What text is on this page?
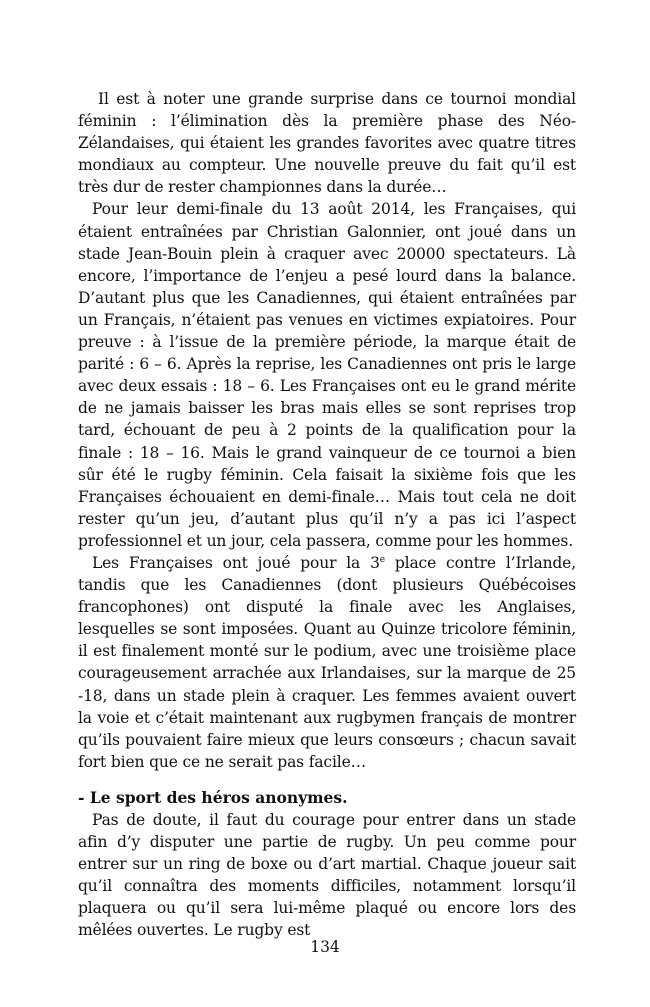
Il est à noter une grande surprise dans ce tournoi mondial féminin : l’élimination dès la première phase des Néo-Zélandaises, qui étaient les grandes favorites avec quatre titres mondiaux au compteur. Une nouvelle preuve du fait qu’il est très dur de rester championnes dans la durée…

Pour leur demi-finale du 13 août 2014, les Françaises, qui étaient entraînées par Christian Galonnier, ont joué dans un stade Jean-Bouin plein à craquer avec 20000 spectateurs. Là encore, l’importance de l’enjeu a pesé lourd dans la balance. D’autant plus que les Canadiennes, qui étaient entraînées par un Français, n’étaient pas venues en victimes expiatoires. Pour preuve : à l’issue de la première période, la marque était de parité : 6 – 6. Après la reprise, les Canadiennes ont pris le large avec deux essais : 18 – 6. Les Françaises ont eu le grand mérite de ne jamais baisser les bras mais elles se sont reprises trop tard, échouant de peu à 2 points de la qualification pour la finale : 18 – 16. Mais le grand vainqueur de ce tournoi a bien sûr été le rugby féminin. Cela faisait la sixième fois que les Françaises échouaient en demi-finale… Mais tout cela ne doit rester qu’un jeu, d’autant plus qu’il n’y a pas ici l’aspect professionnel et un jour, cela passera, comme pour les hommes.

Les Françaises ont joué pour la 3e place contre l’Irlande, tandis que les Canadiennes (dont plusieurs Québécoises francophones) ont disputé la finale avec les Anglaises, lesquelles se sont imposées. Quant au Quinze tricolore féminin, il est finalement monté sur le podium, avec une troisième place courageusement arrachée aux Irlandaises, sur la marque de 25 -18, dans un stade plein à craquer. Les femmes avaient ouvert la voie et c’était maintenant aux rugbymen français de montrer qu’ils pouvaient faire mieux que leurs consœurs ; chacun savait fort bien que ce ne serait pas facile…

- Le sport des héros anonymes.

Pas de doute, il faut du courage pour entrer dans un stade afin d’y disputer une partie de rugby. Un peu comme pour entrer sur un ring de boxe ou d’art martial. Chaque joueur sait qu’il connaîtra des moments difficiles, notamment lorsqu’il plaquera ou qu’il sera lui-même plaqué ou encore lors des mêlées ouvertes. Le rugby est

134
